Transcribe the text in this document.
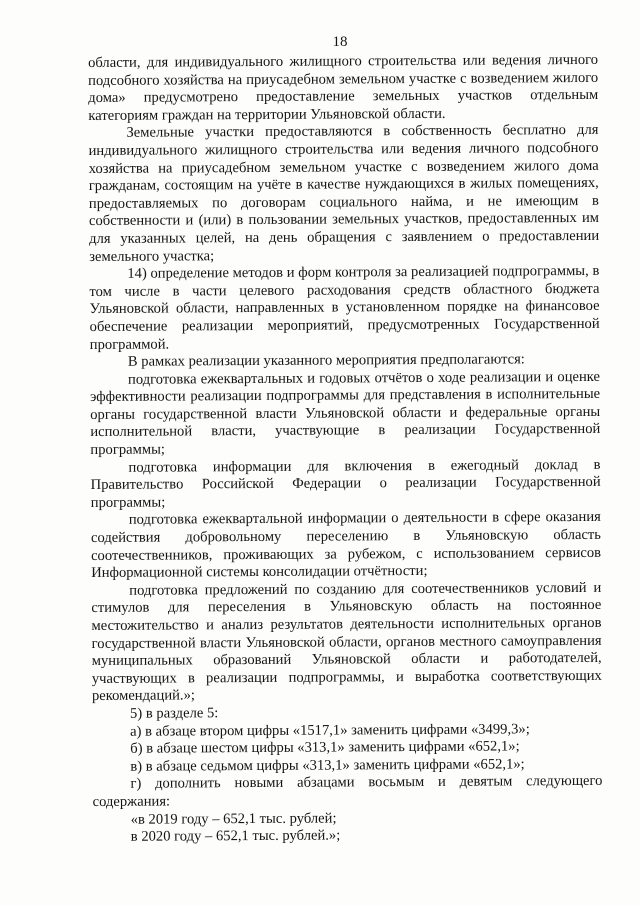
18

области, для индивидуального жилищного строительства или ведения личного подсобного хозяйства на приусадебном земельном участке с возведением жилого дома» предусмотрено предоставление земельных участков отдельным категориям граждан на территории Ульяновской области.

Земельные участки предоставляются в собственность бесплатно для индивидуального жилищного строительства или ведения личного подсобного хозяйства на приусадебном земельном участке с возведением жилого дома гражданам, состоящим на учёте в качестве нуждающихся в жилых помещениях, предоставляемых по договорам социального найма, и не имеющим в собственности и (или) в пользовании земельных участков, предоставленных им для указанных целей, на день обращения с заявлением о предоставлении земельного участка;

14) определение методов и форм контроля за реализацией подпрограммы, в том числе в части целевого расходования средств областного бюджета Ульяновской области, направленных в установленном порядке на финансовое обеспечение реализации мероприятий, предусмотренных Государственной программой.

В рамках реализации указанного мероприятия предполагаются:

подготовка ежеквартальных и годовых отчётов о ходе реализации и оценке эффективности реализации подпрограммы для представления в исполнительные органы государственной власти Ульяновской области и федеральные органы исполнительной власти, участвующие в реализации Государственной программы;

подготовка информации для включения в ежегодный доклад в Правительство Российской Федерации о реализации Государственной программы;

подготовка ежеквартальной информации о деятельности в сфере оказания содействия добровольному переселению в Ульяновскую область соотечественников, проживающих за рубежом, с использованием сервисов Информационной системы консолидации отчётности;

подготовка предложений по созданию для соотечественников условий и стимулов для переселения в Ульяновскую область на постоянное местожительство и анализ результатов деятельности исполнительных органов государственной власти Ульяновской области, органов местного самоуправления муниципальных образований Ульяновской области и работодателей, участвующих в реализации подпрограммы, и выработка соответствующих рекомендаций.»;

5) в разделе 5:

а) в абзаце втором цифры «1517,1» заменить цифрами «3499,3»;

б) в абзаце шестом цифры «313,1» заменить цифрами «652,1»;

в) в абзаце седьмом цифры «313,1» заменить цифрами «652,1»;

г) дополнить новыми абзацами восьмым и девятым следующего содержания:

«в 2019 году – 652,1 тыс. рублей;

в 2020 году – 652,1 тыс. рублей.»;
